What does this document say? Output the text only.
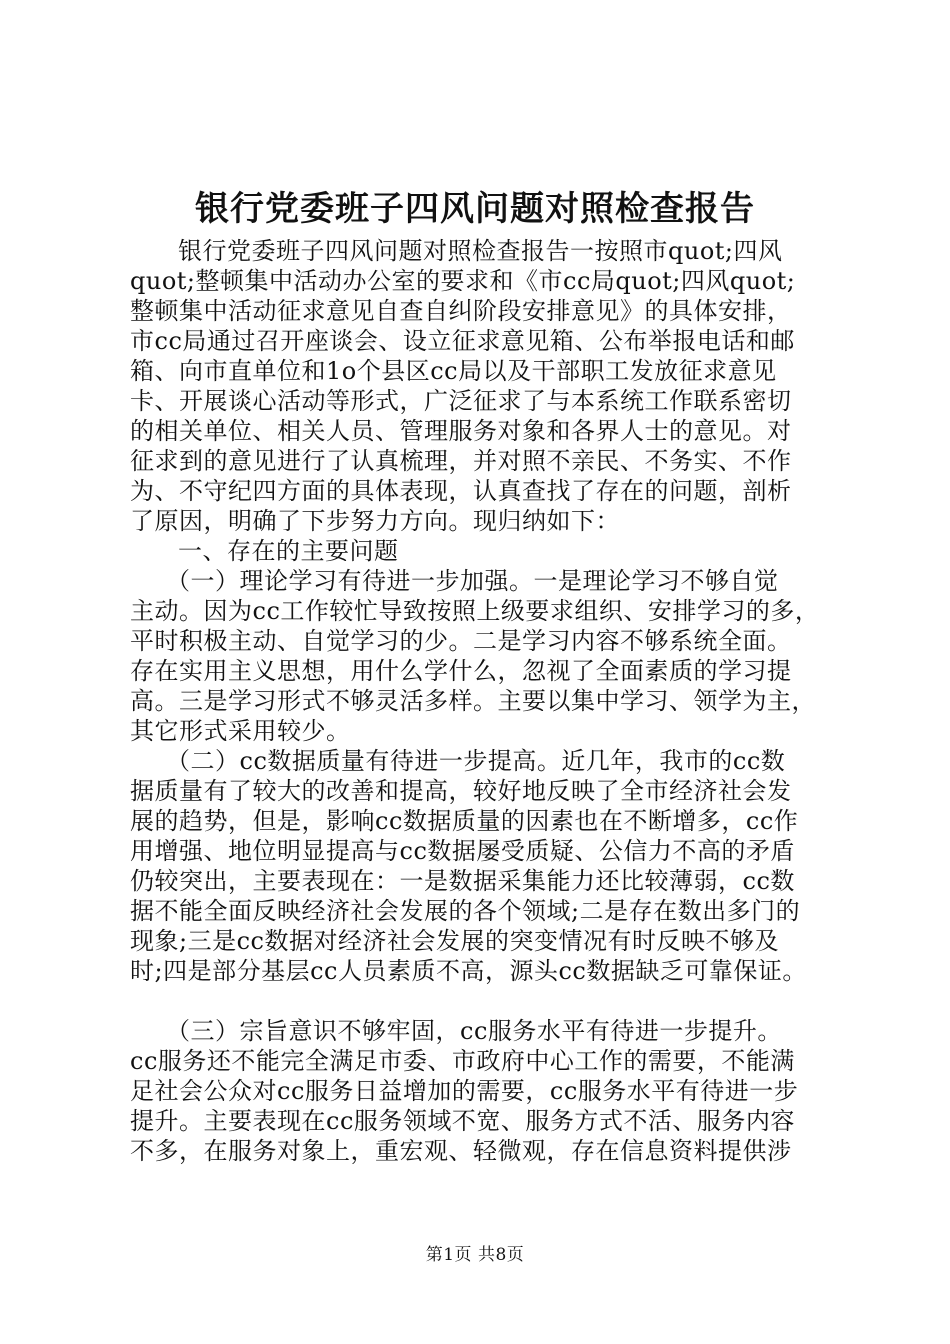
银行党委班子四风问题对照检查报告
银行党委班子四风问题对照检查报告一按照市quot;四风
quot;整顿集中活动办公室的要求和《市cc局quot;四风quot;
整顿集中活动征求意见自查自纠阶段安排意见》的具体安排，
市cc局通过召开座谈会、设立征求意见箱、公布举报电话和邮
箱、向市直单位和1o个县区cc局以及干部职工发放征求意见
卡、开展谈心活动等形式，广泛征求了与本系统工作联系密切
的相关单位、相关人员、管理服务对象和各界人士的意见。对
征求到的意见进行了认真梳理，并对照不亲民、不务实、不作
为、不守纪四方面的具体表现，认真查找了存在的问题，剖析
了原因，明确了下步努力方向。现归纳如下：
一、存在的主要问题
（一）理论学习有待进一步加强。一是理论学习不够自觉
主动。因为cc工作较忙导致按照上级要求组织、安排学习的多，
平时积极主动、自觉学习的少。二是学习内容不够系统全面。
存在实用主义思想，用什么学什么，忽视了全面素质的学习提
高。三是学习形式不够灵活多样。主要以集中学习、领学为主，
其它形式采用较少。
（二）cc数据质量有待进一步提高。近几年，我市的cc数
据质量有了较大的改善和提高，较好地反映了全市经济社会发
展的趋势，但是，影响cc数据质量的因素也在不断增多，cc作
用增强、地位明显提高与cc数据屡受质疑、公信力不高的矛盾
仍较突出，主要表现在：一是数据采集能力还比较薄弱，cc数
据不能全面反映经济社会发展的各个领域;二是存在数出多门的
现象;三是cc数据对经济社会发展的突变情况有时反映不够及
时;四是部分基层cc人员素质不高，源头cc数据缺乏可靠保证。
（三）宗旨意识不够牢固，cc服务水平有待进一步提升。
cc服务还不能完全满足市委、市政府中心工作的需要，不能满
足社会公众对cc服务日益增加的需要，cc服务水平有待进一步
提升。主要表现在cc服务领域不宽、服务方式不活、服务内容
不多，在服务对象上，重宏观、轻微观，存在信息资料提供涉
第1页 共8页
